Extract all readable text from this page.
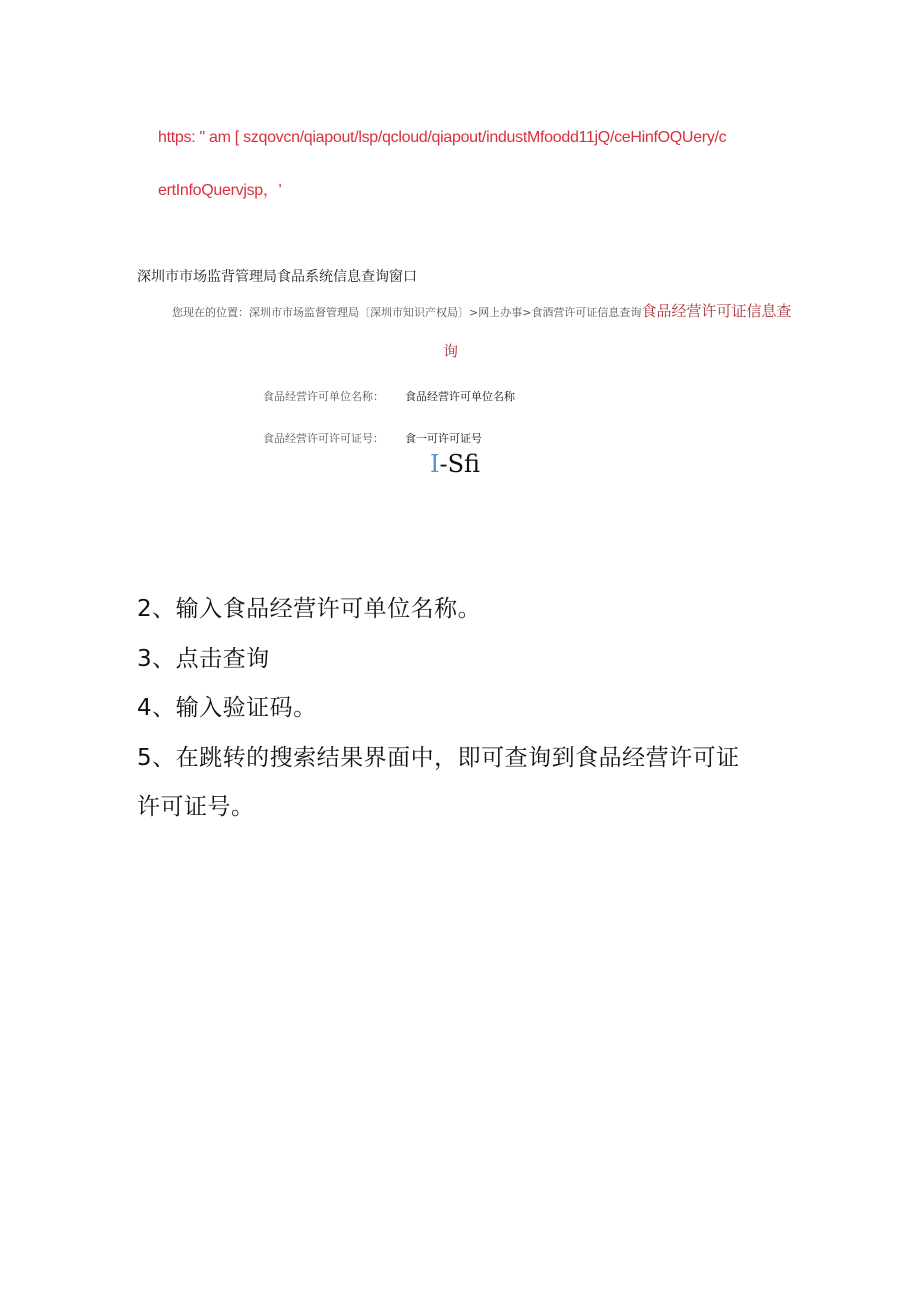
https: " am [ szqovcn/qiapout/lsp/qcloud/qiapout/industMfoodd11jQ/ceHinfOQUery/c
ertInfoQuervjsp，'
深圳市市场监背管理局食品系统信息查询窗口
您现在的位置：深圳市市场监督管理局〔深圳市知识产权局〕>网上办事>食酒营许可证信息查询食品经营许可证信息查
询
食品经营许可单位名称： 食品经营许可单位名称
食品经营许可许可证号： 食一可许可证号
I-Sfi
2、输入食品经营许可单位名称。
3、点击查询
4、输入验证码。
5、在跳转的搜索结果界面中，即可查询到食品经营许可证
许可证号。
